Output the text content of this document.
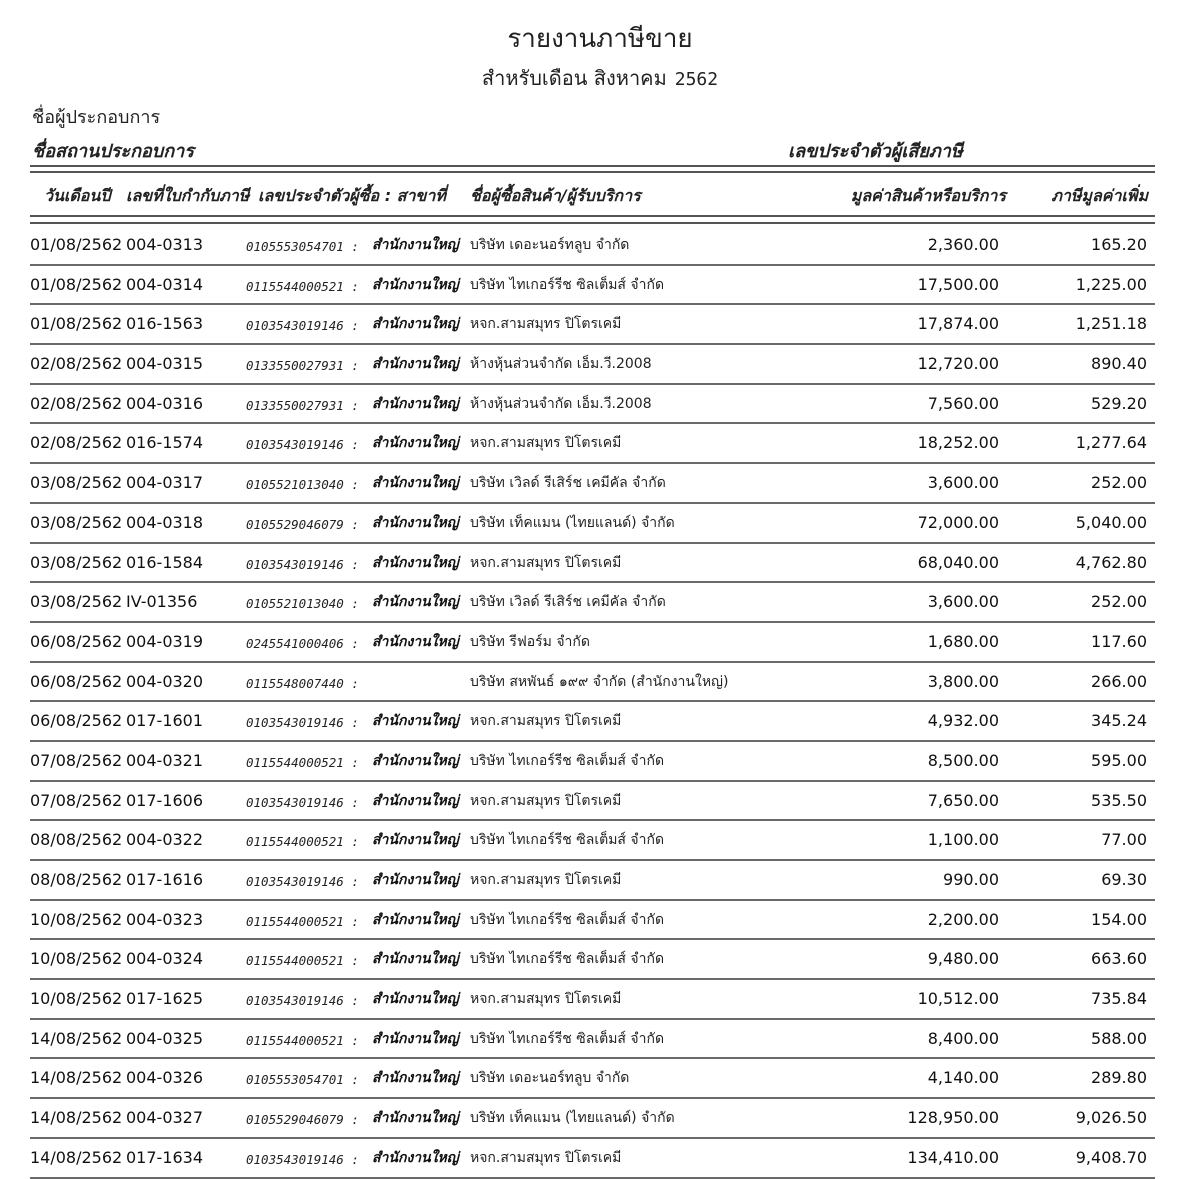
รายงานภาษีขาย
สำหรับเดือน สิงหาคม 2562
ชื่อผู้ประกอบการ
ชื่อสถานประกอบการ	เลขประจำตัวผู้เสียภาษี
วันเดือนปี เลขที่ใบกำกับภาษี เลขประจำตัวผู้ซื้อ : สาขาที่ ชื่อผู้ซื้อสินค้า/ผู้รับบริการ	มูลค่าสินค้าหรือบริการ	ภาษีมูลค่าเพิ่ม
01/08/2562 004-0313	0105553054701 : สำนักงานใหญ่ บริษัท เดอะนอร์ทลูบ จำกัด	2,360.00	165.20
01/08/2562 004-0314	0115544000521 : สำนักงานใหญ่ บริษัท ไทเกอร์รีช ซิลเต็มส์ จำกัด	17,500.00	1,225.00
01/08/2562 016-1563	0103543019146 : สำนักงานใหญ่ หจก.สามสมุทร ปิโตรเคมี	17,874.00	1,251.18
02/08/2562 004-0315	0133550027931 : สำนักงานใหญ่ ห้างหุ้นส่วนจำกัด เอ็ม.วี.2008	12,720.00	890.40
02/08/2562 004-0316	0133550027931 : สำนักงานใหญ่ ห้างหุ้นส่วนจำกัด เอ็ม.วี.2008	7,560.00	529.20
02/08/2562 016-1574	0103543019146 : สำนักงานใหญ่ หจก.สามสมุทร ปิโตรเคมี	18,252.00	1,277.64
03/08/2562 004-0317	0105521013040 : สำนักงานใหญ่ บริษัท เวิลด์ รีเสิร์ช เคมีคัล จำกัด	3,600.00	252.00
03/08/2562 004-0318	0105529046079 : สำนักงานใหญ่ บริษัท เท็คแมน (ไทยแลนด์) จำกัด	72,000.00	5,040.00
03/08/2562 016-1584	0103543019146 : สำนักงานใหญ่ หจก.สามสมุทร ปิโตรเคมี	68,040.00	4,762.80
03/08/2562 IV-01356	0105521013040 : สำนักงานใหญ่ บริษัท เวิลด์ รีเสิร์ช เคมีคัล จำกัด	3,600.00	252.00
06/08/2562 004-0319	0245541000406 : สำนักงานใหญ่ บริษัท รีฟอร์ม จำกัด	1,680.00	117.60
06/08/2562 004-0320	0115548007440 :	บริษัท สหพันธ์ ๑๙๙ จำกัด (สำนักงานใหญ่)	3,800.00	266.00
06/08/2562 017-1601	0103543019146 : สำนักงานใหญ่ หจก.สามสมุทร ปิโตรเคมี	4,932.00	345.24
07/08/2562 004-0321	0115544000521 : สำนักงานใหญ่ บริษัท ไทเกอร์รีช ซิลเต็มส์ จำกัด	8,500.00	595.00
07/08/2562 017-1606	0103543019146 : สำนักงานใหญ่ หจก.สามสมุทร ปิโตรเคมี	7,650.00	535.50
08/08/2562 004-0322	0115544000521 : สำนักงานใหญ่ บริษัท ไทเกอร์รีช ซิลเต็มส์ จำกัด	1,100.00	77.00
08/08/2562 017-1616	0103543019146 : สำนักงานใหญ่ หจก.สามสมุทร ปิโตรเคมี	990.00	69.30
10/08/2562 004-0323	0115544000521 : สำนักงานใหญ่ บริษัท ไทเกอร์รีช ซิลเต็มส์ จำกัด	2,200.00	154.00
10/08/2562 004-0324	0115544000521 : สำนักงานใหญ่ บริษัท ไทเกอร์รีช ซิลเต็มส์ จำกัด	9,480.00	663.60
10/08/2562 017-1625	0103543019146 : สำนักงานใหญ่ หจก.สามสมุทร ปิโตรเคมี	10,512.00	735.84
14/08/2562 004-0325	0115544000521 : สำนักงานใหญ่ บริษัท ไทเกอร์รีช ซิลเต็มส์ จำกัด	8,400.00	588.00
14/08/2562 004-0326	0105553054701 : สำนักงานใหญ่ บริษัท เดอะนอร์ทลูบ จำกัด	4,140.00	289.80
14/08/2562 004-0327	0105529046079 : สำนักงานใหญ่ บริษัท เท็คแมน (ไทยแลนด์) จำกัด	128,950.00	9,026.50
14/08/2562 017-1634	0103543019146 : สำนักงานใหญ่ หจก.สามสมุทร ปิโตรเคมี	134,410.00	9,408.70
